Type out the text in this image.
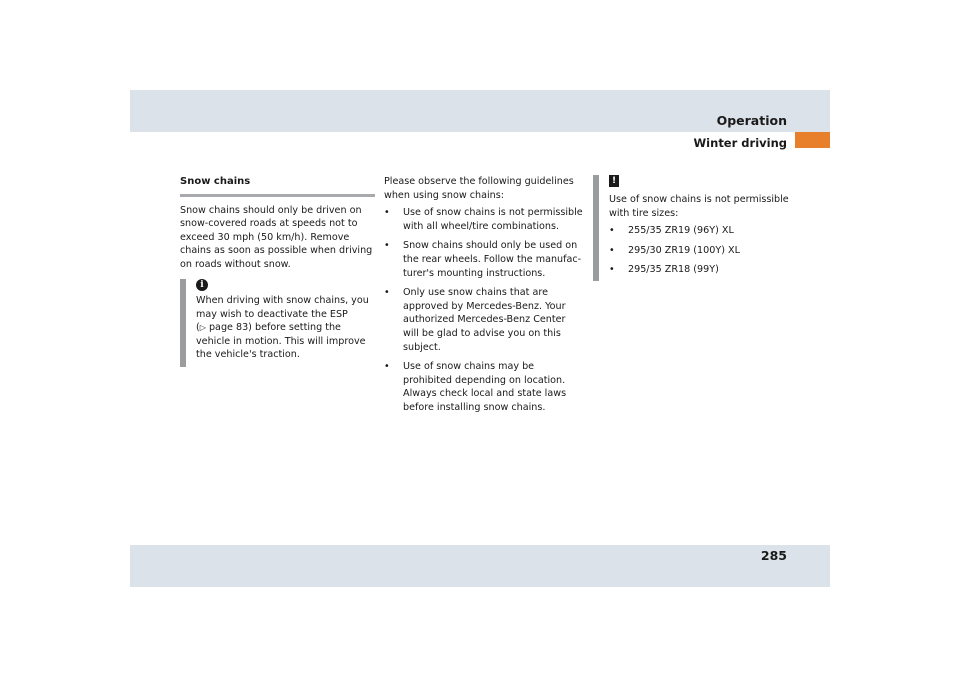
Operation
Winter driving
Snow chains

Snow chains should only be driven on snow-covered roads at speeds not to exceed 30 mph (50 km/h). Remove chains as soon as possible when driving on roads without snow.

i

When driving with snow chains, you may wish to deactivate the ESP
(▷ page 83) before setting the vehicle in motion. This will improve the vehicle's traction.

Please observe the following guidelines when using snow chains:

• Use of snow chains is not permissible with all wheel/tire combinations.
• Snow chains should only be used on the rear wheels. Follow the manufac-turer's mounting instructions.
• Only use snow chains that are approved by Mercedes-Benz. Your authorized Mercedes-Benz Center will be glad to advise you on this subject.
• Use of snow chains may be prohibited depending on location. Always check local and state laws before installing snow chains.
!

Use of snow chains is not permissible with tire sizes:

• 255/35 ZR19 (96Y) XL
• 295/30 ZR19 (100Y) XL
• 295/35 ZR18 (99Y)
285
